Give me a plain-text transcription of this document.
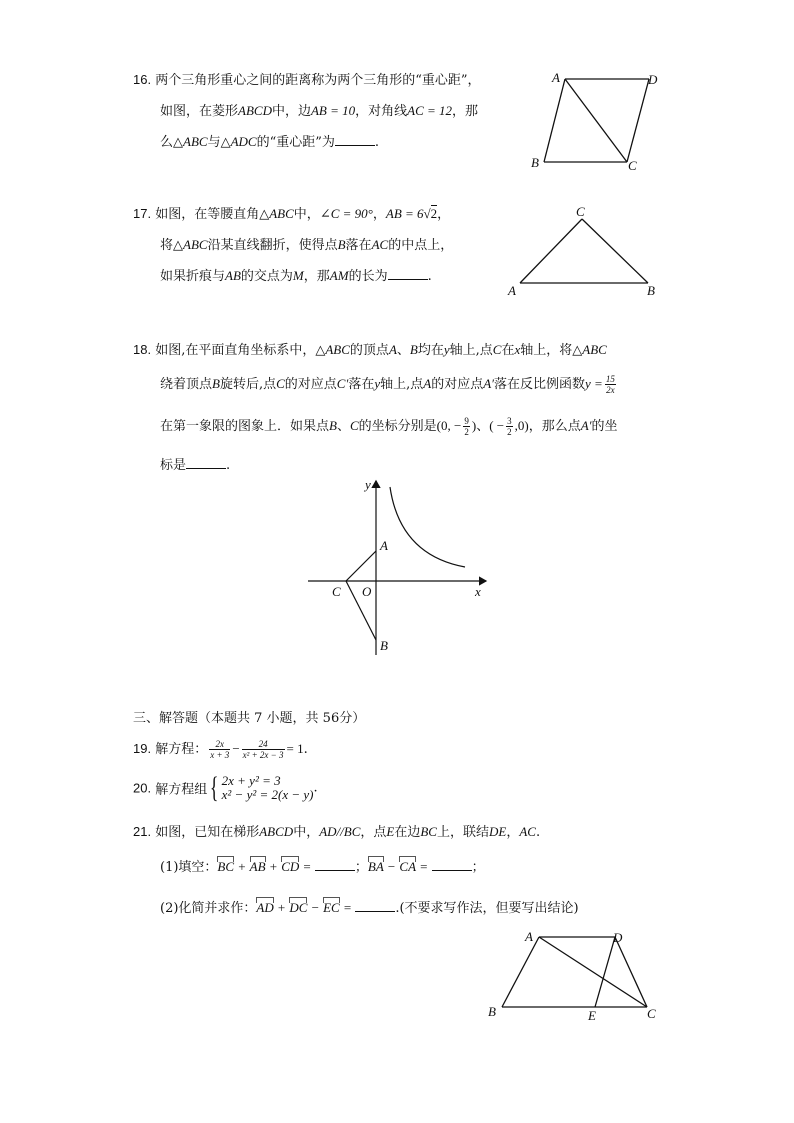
16. 两个三角形重心之间的距离称为两个三角形的“重心距”，
如图，在菱形ABCD中，边AB = 10，对角线AC = 12，那
么△ABC与△ADC的“重心距”为	.
A	D
B	C
17. 如图，在等腰直角△ABC中，∠C = 90°，AB = 6√2，
将△ABC沿某直线翻折，使得点B落在AC的中点上，
如果折痕与AB的交点为M，那AM的长为	.
C
A	B
18. 如图,在平面直角坐标系中，△ABC的顶点A、B均在y轴上,点C在x轴上，将△ABC
绕着顶点B旋转后,点C的对应点C′落在y轴上,点A的对应点A′落在反比例函数$y = \frac{15}{2x}$
在第一象限的图象上．如果点B、C的坐标分别是(0, − $\frac{9}{2}$ )、( − $\frac{3}{2} ,0$)，那么点A′的坐
标是	.
y
x
A
C O
B
三、解答题（本题共 7 小题，共 56分）
19. 解方程： $\frac{2x}{x + 3} - \frac{24}{\text{x² + 2x − 3}} = 1$.
20. 解方程组{ 2x + y² = 3
x² − y² = 2(x − y) .
21. 如图，已知在梯形ABCD中，AD//BC，点E在边BC上，联结DE，AC.
(1)填空：BC + AB + CD =	；BA − CA =	；
(2)化简并求作：AD + DC − EC =	.(不要求写作法，但要写出结论)
A	D
B	E	C
